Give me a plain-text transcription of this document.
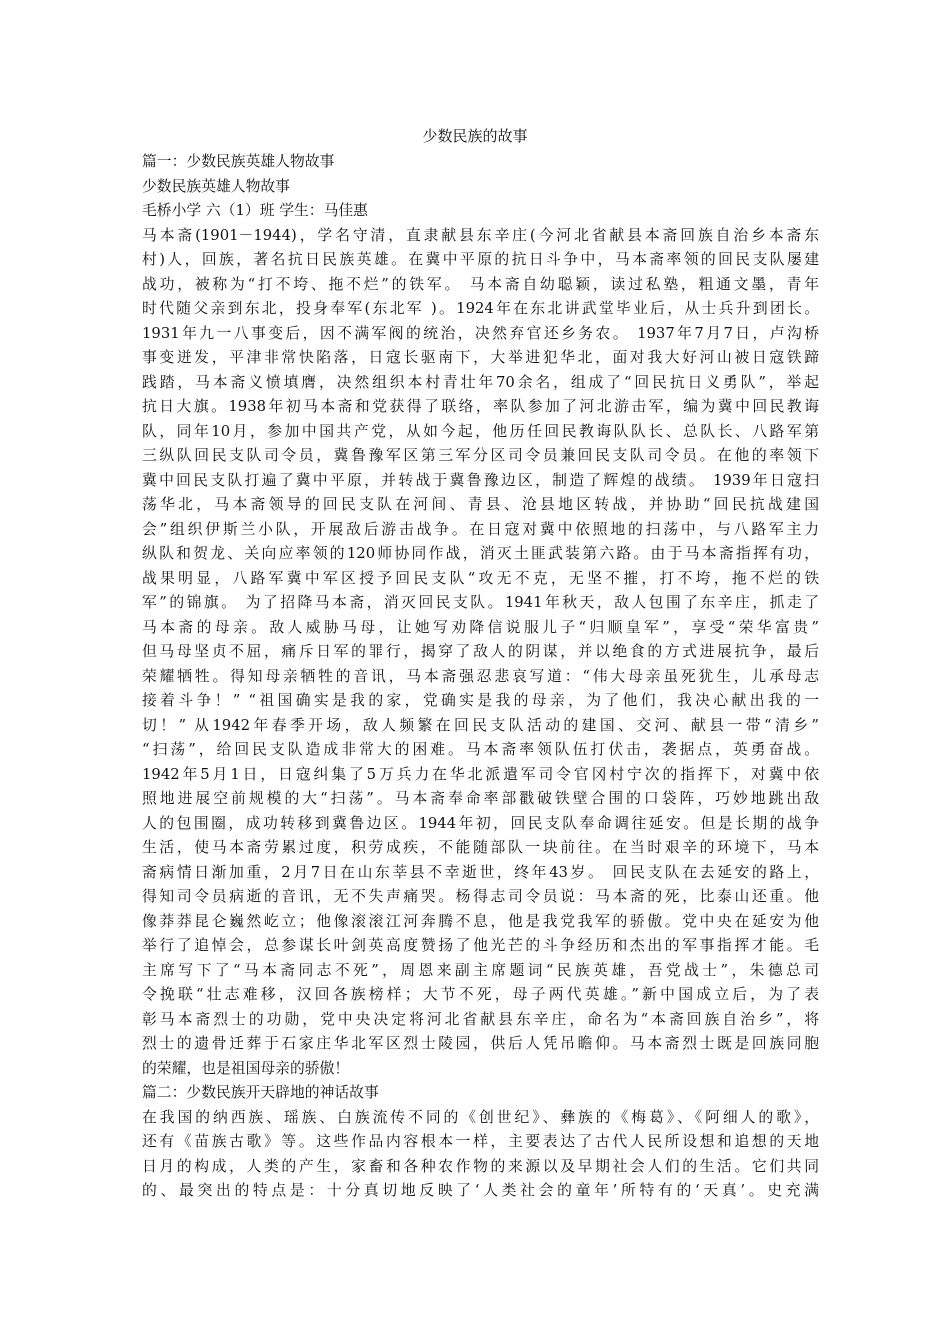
少数民族的故事
篇一：少数民族英雄人物故事
少数民族英雄人物故事
毛桥小学 六（1）班 学生：马佳惠
马本斋(1901－1944)，学名守清，直隶献县东辛庄(今河北省献县本斋回族自治乡本斋东
村)人，回族，著名抗日民族英雄。在冀中平原的抗日斗争中，马本斋率领的回民支队屡建
战功，被称为“打不垮、拖不烂”的铁军。 马本斋自幼聪颖，读过私塾，粗通文墨，青年
时代随父亲到东北，投身奉军(东北军 )。1924年在东北讲武堂毕业后，从士兵升到团长。
1931年九一八事变后，因不满军阀的统治，决然弃官还乡务农。 1937年7月7日，卢沟桥
事变迸发，平津非常快陷落，日寇长驱南下，大举进犯华北，面对我大好河山被日寇铁蹄
践踏，马本斋义愤填膺，决然组织本村青壮年70余名，组成了“回民抗日义勇队”，举起
抗日大旗。1938年初马本斋和党获得了联络，率队参加了河北游击军，编为冀中回民教诲
队，同年10月，参加中国共产党，从如今起，他历任回民教诲队队长、总队长、八路军第
三纵队回民支队司令员，冀鲁豫军区第三军分区司令员兼回民支队司令员。在他的率领下
冀中回民支队打遍了冀中平原，并转战于冀鲁豫边区，制造了辉煌的战绩。 1939年日寇扫
荡华北，马本斋领导的回民支队在河间、青县、沧县地区转战，并协助“回民抗战建国
会”组织伊斯兰小队，开展敌后游击战争。在日寇对冀中依照地的扫荡中，与八路军主力
纵队和贺龙、关向应率领的120师协同作战，消灭土匪武装第六路。由于马本斋指挥有功，
战果明显，八路军冀中军区授予回民支队“攻无不克，无坚不摧，打不垮，拖不烂的铁
军”的锦旗。 为了招降马本斋，消灭回民支队。1941年秋天，敌人包围了东辛庄，抓走了
马本斋的母亲。敌人威胁马母，让她写劝降信说服儿子“归顺皇军”，享受“荣华富贵”
但马母坚贞不屈，痛斥日军的罪行，揭穿了敌人的阴谋，并以绝食的方式进展抗争，最后
荣耀牺牲。得知母亲牺牲的音讯，马本斋强忍悲哀写道：“伟大母亲虽死犹生，儿承母志
接着斗争！” “祖国确实是我的家，党确实是我的母亲，为了他们，我决心献出我的一
切！” 从1942年春季开场，敌人频繁在回民支队活动的建国、交河、献县一带“清乡”
“扫荡”，给回民支队造成非常大的困难。马本斋率领队伍打伏击，袭据点，英勇奋战。
1942年5月1日，日寇纠集了5万兵力在华北派遣军司令官冈村宁次的指挥下，对冀中依
照地进展空前规模的大“扫荡”。马本斋奉命率部戳破铁壁合围的口袋阵，巧妙地跳出敌
人的包围圈，成功转移到冀鲁边区。1944年初，回民支队奉命调往延安。但是长期的战争
生活，使马本斋劳累过度，积劳成疾，不能随部队一块前往。在当时艰辛的环境下，马本
斋病情日渐加重，2月7日在山东莘县不幸逝世，终年43岁。 回民支队在去延安的路上，
得知司令员病逝的音讯，无不失声痛哭。杨得志司令员说：马本斋的死，比泰山还重。他
像莽莽昆仑巍然屹立；他像滚滚江河奔腾不息，他是我党我军的骄傲。党中央在延安为他
举行了追悼会，总参谋长叶剑英高度赞扬了他光芒的斗争经历和杰出的军事指挥才能。毛
主席写下了“马本斋同志不死”，周恩来副主席题词“民族英雄，吾党战士”，朱德总司
令挽联“壮志难移，汉回各族榜样；大节不死，母子两代英雄。”新中国成立后，为了表
彰马本斋烈士的功勋，党中央决定将河北省献县东辛庄，命名为“本斋回族自治乡”，将
烈士的遗骨迁葬于石家庄华北军区烈士陵园，供后人凭吊瞻仰。马本斋烈士既是回族同胞
的荣耀，也是祖国母亲的骄傲！
篇二：少数民族开天辟地的神话故事
在我国的纳西族、瑶族、白族流传不同的《创世纪》、彝族的《梅葛》、《阿细人的歌》，
还有《苗族古歌》等。这些作品内容根本一样，主要表达了古代人民所设想和追想的天地
日月的构成，人类的产生，家畜和各种农作物的来源以及早期社会人们的生活。它们共同
的、最突出的特点是：十分真切地反映了‘人类社会的童年’所特有的‘天真’。史充满
